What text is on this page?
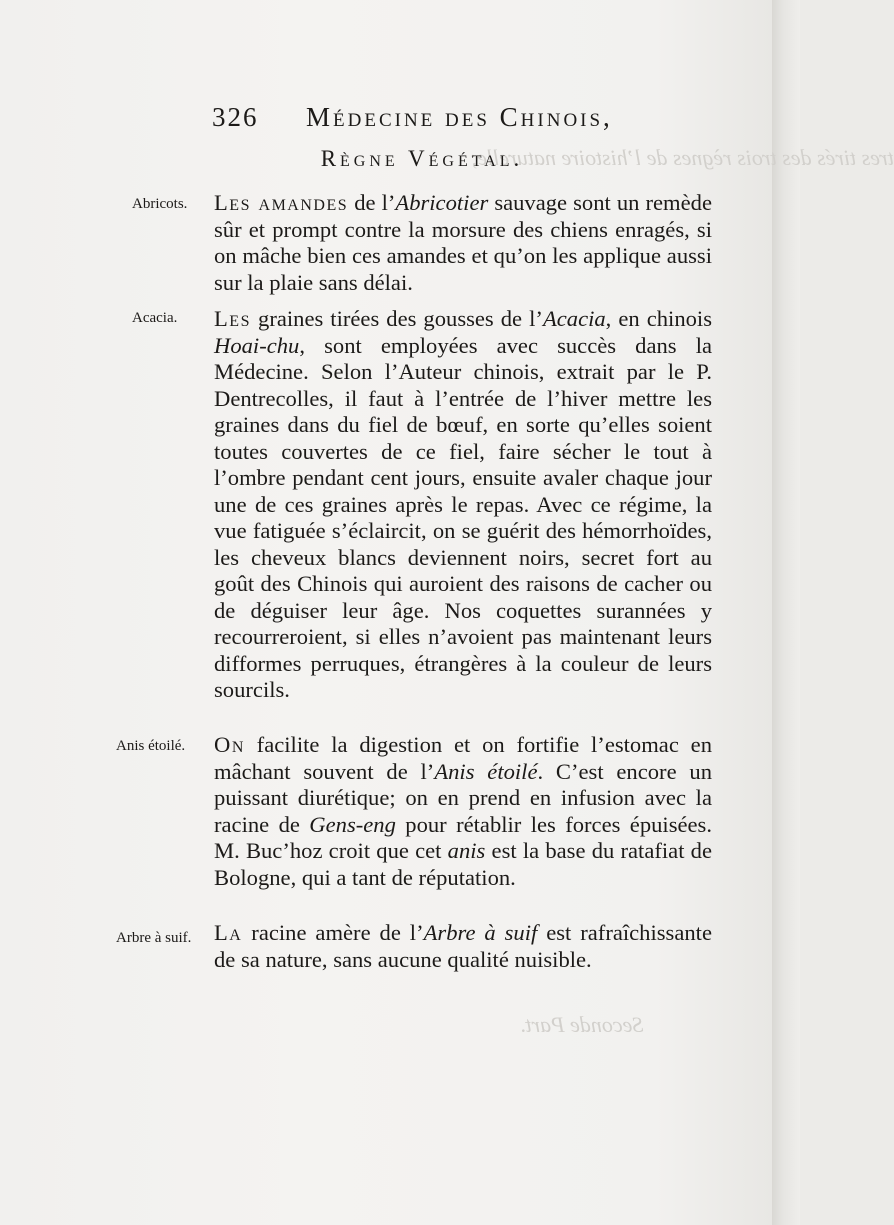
tres tirés des trois règnes de l’histoire naturelle;
Seconde Part.
326 Médecine des Chinois,
Règne Végétal.
Abricots. Les amandes de l’Abricotier sauvage sont un remède sûr et prompt contre la morsure des chiens enragés, si on mâche bien ces amandes et qu’on les applique aussi sur la plaie sans délai.
Acacia. Les graines tirées des gousses de l’Acacia, en chinois Hoai-chu, sont employées avec succès dans la Médecine. Selon l’Auteur chinois, extrait par le P. Dentrecolles, il faut à l’entrée de l’hiver mettre les graines dans du fiel de bœuf, en sorte qu’elles soient toutes couvertes de ce fiel, faire sécher le tout à l’ombre pendant cent jours, ensuite avaler chaque jour une de ces graines après le repas. Avec ce régime, la vue fatiguée s’éclaircit, on se guérit des hémorrhoïdes, les cheveux blancs deviennent noirs, secret fort au goût des Chinois qui auroient des raisons de cacher ou de déguiser leur âge. Nos coquettes surannées y recourreroient, si elles n’avoient pas maintenant leurs difformes perruques, étrangères à la couleur de leurs sourcils.
Anis étoilé. On facilite la digestion et on fortifie l’estomac en mâchant souvent de l’Anis étoilé. C’est encore un puissant diurétique; on en prend en infusion avec la racine de Gens-eng pour rétablir les forces épuisées. M. Buc’hoz croit que cet anis est la base du ratafiat de Bologne, qui a tant de réputation.
Arbre à suif. La racine amère de l’Arbre à suif est rafraîchissante de sa nature, sans aucune qualité nuisible.
